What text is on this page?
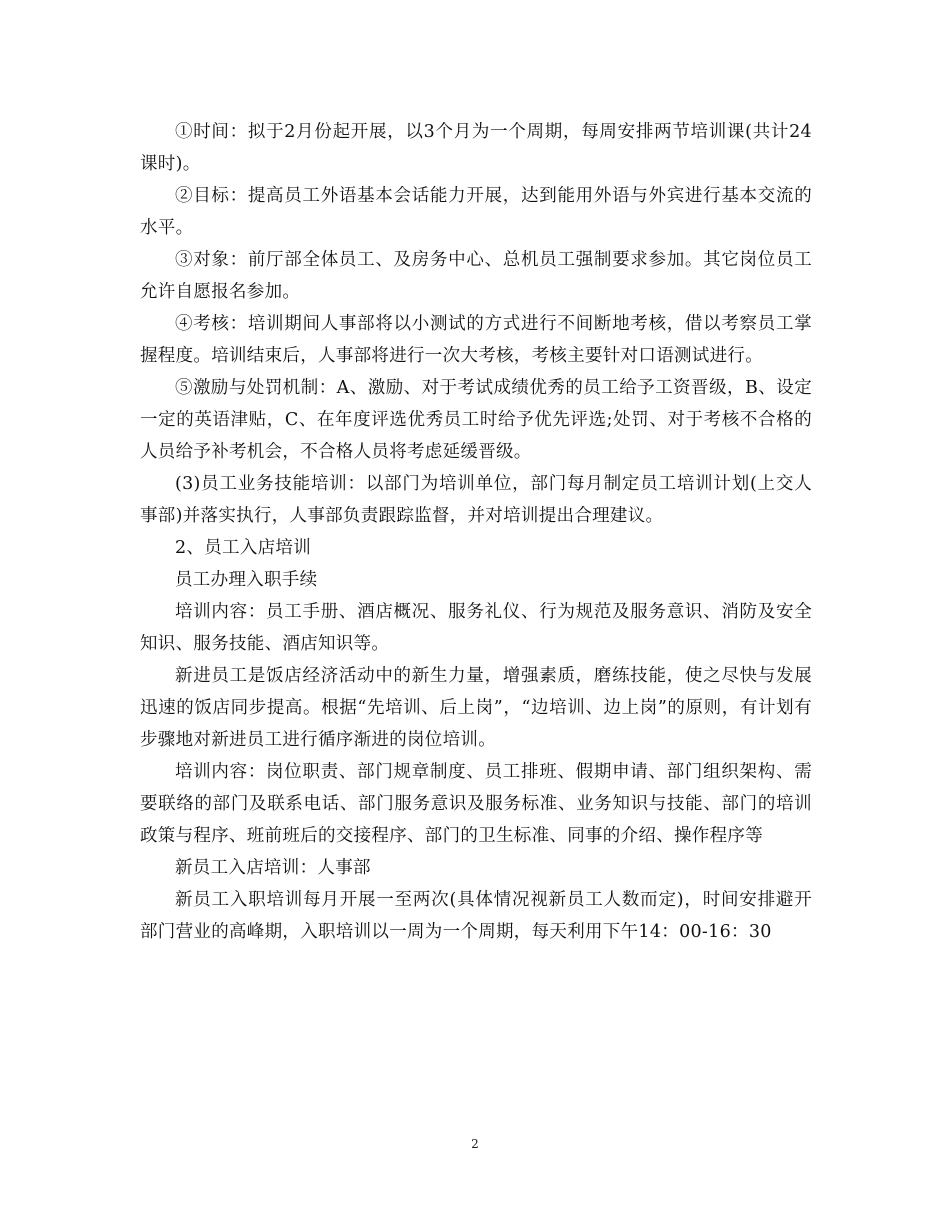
①时间：拟于2月份起开展，以3个月为一个周期，每周安排两节培训课(共计24课时)。

②目标：提高员工外语基本会话能力开展，达到能用外语与外宾进行基本交流的水平。

③对象：前厅部全体员工、及房务中心、总机员工强制要求参加。其它岗位员工允许自愿报名参加。

④考核：培训期间人事部将以小测试的方式进行不间断地考核，借以考察员工掌握程度。培训结束后，人事部将进行一次大考核，考核主要针对口语测试进行。

⑤激励与处罚机制：A、激励、对于考试成绩优秀的员工给予工资晋级，B、设定一定的英语津贴，C、在年度评选优秀员工时给予优先评选;处罚、对于考核不合格的人员给予补考机会，不合格人员将考虑延缓晋级。

(3)员工业务技能培训：以部门为培训单位，部门每月制定员工培训计划(上交人事部)并落实执行，人事部负责跟踪监督，并对培训提出合理建议。

2、员工入店培训

员工办理入职手续

培训内容：员工手册、酒店概况、服务礼仪、行为规范及服务意识、消防及安全知识、服务技能、酒店知识等。

新进员工是饭店经济活动中的新生力量，增强素质，磨练技能，使之尽快与发展迅速的饭店同步提高。根据“先培训、后上岗”，“边培训、边上岗”的原则，有计划有步骤地对新进员工进行循序渐进的岗位培训。

培训内容：岗位职责、部门规章制度、员工排班、假期申请、部门组织架构、需要联络的部门及联系电话、部门服务意识及服务标准、业务知识与技能、部门的培训政策与程序、班前班后的交接程序、部门的卫生标准、同事的介绍、操作程序等

新员工入店培训：人事部

新员工入职培训每月开展一至两次(具体情况视新员工人数而定)，时间安排避开部门营业的高峰期，入职培训以一周为一个周期，每天利用下午14：00-16：30

2
